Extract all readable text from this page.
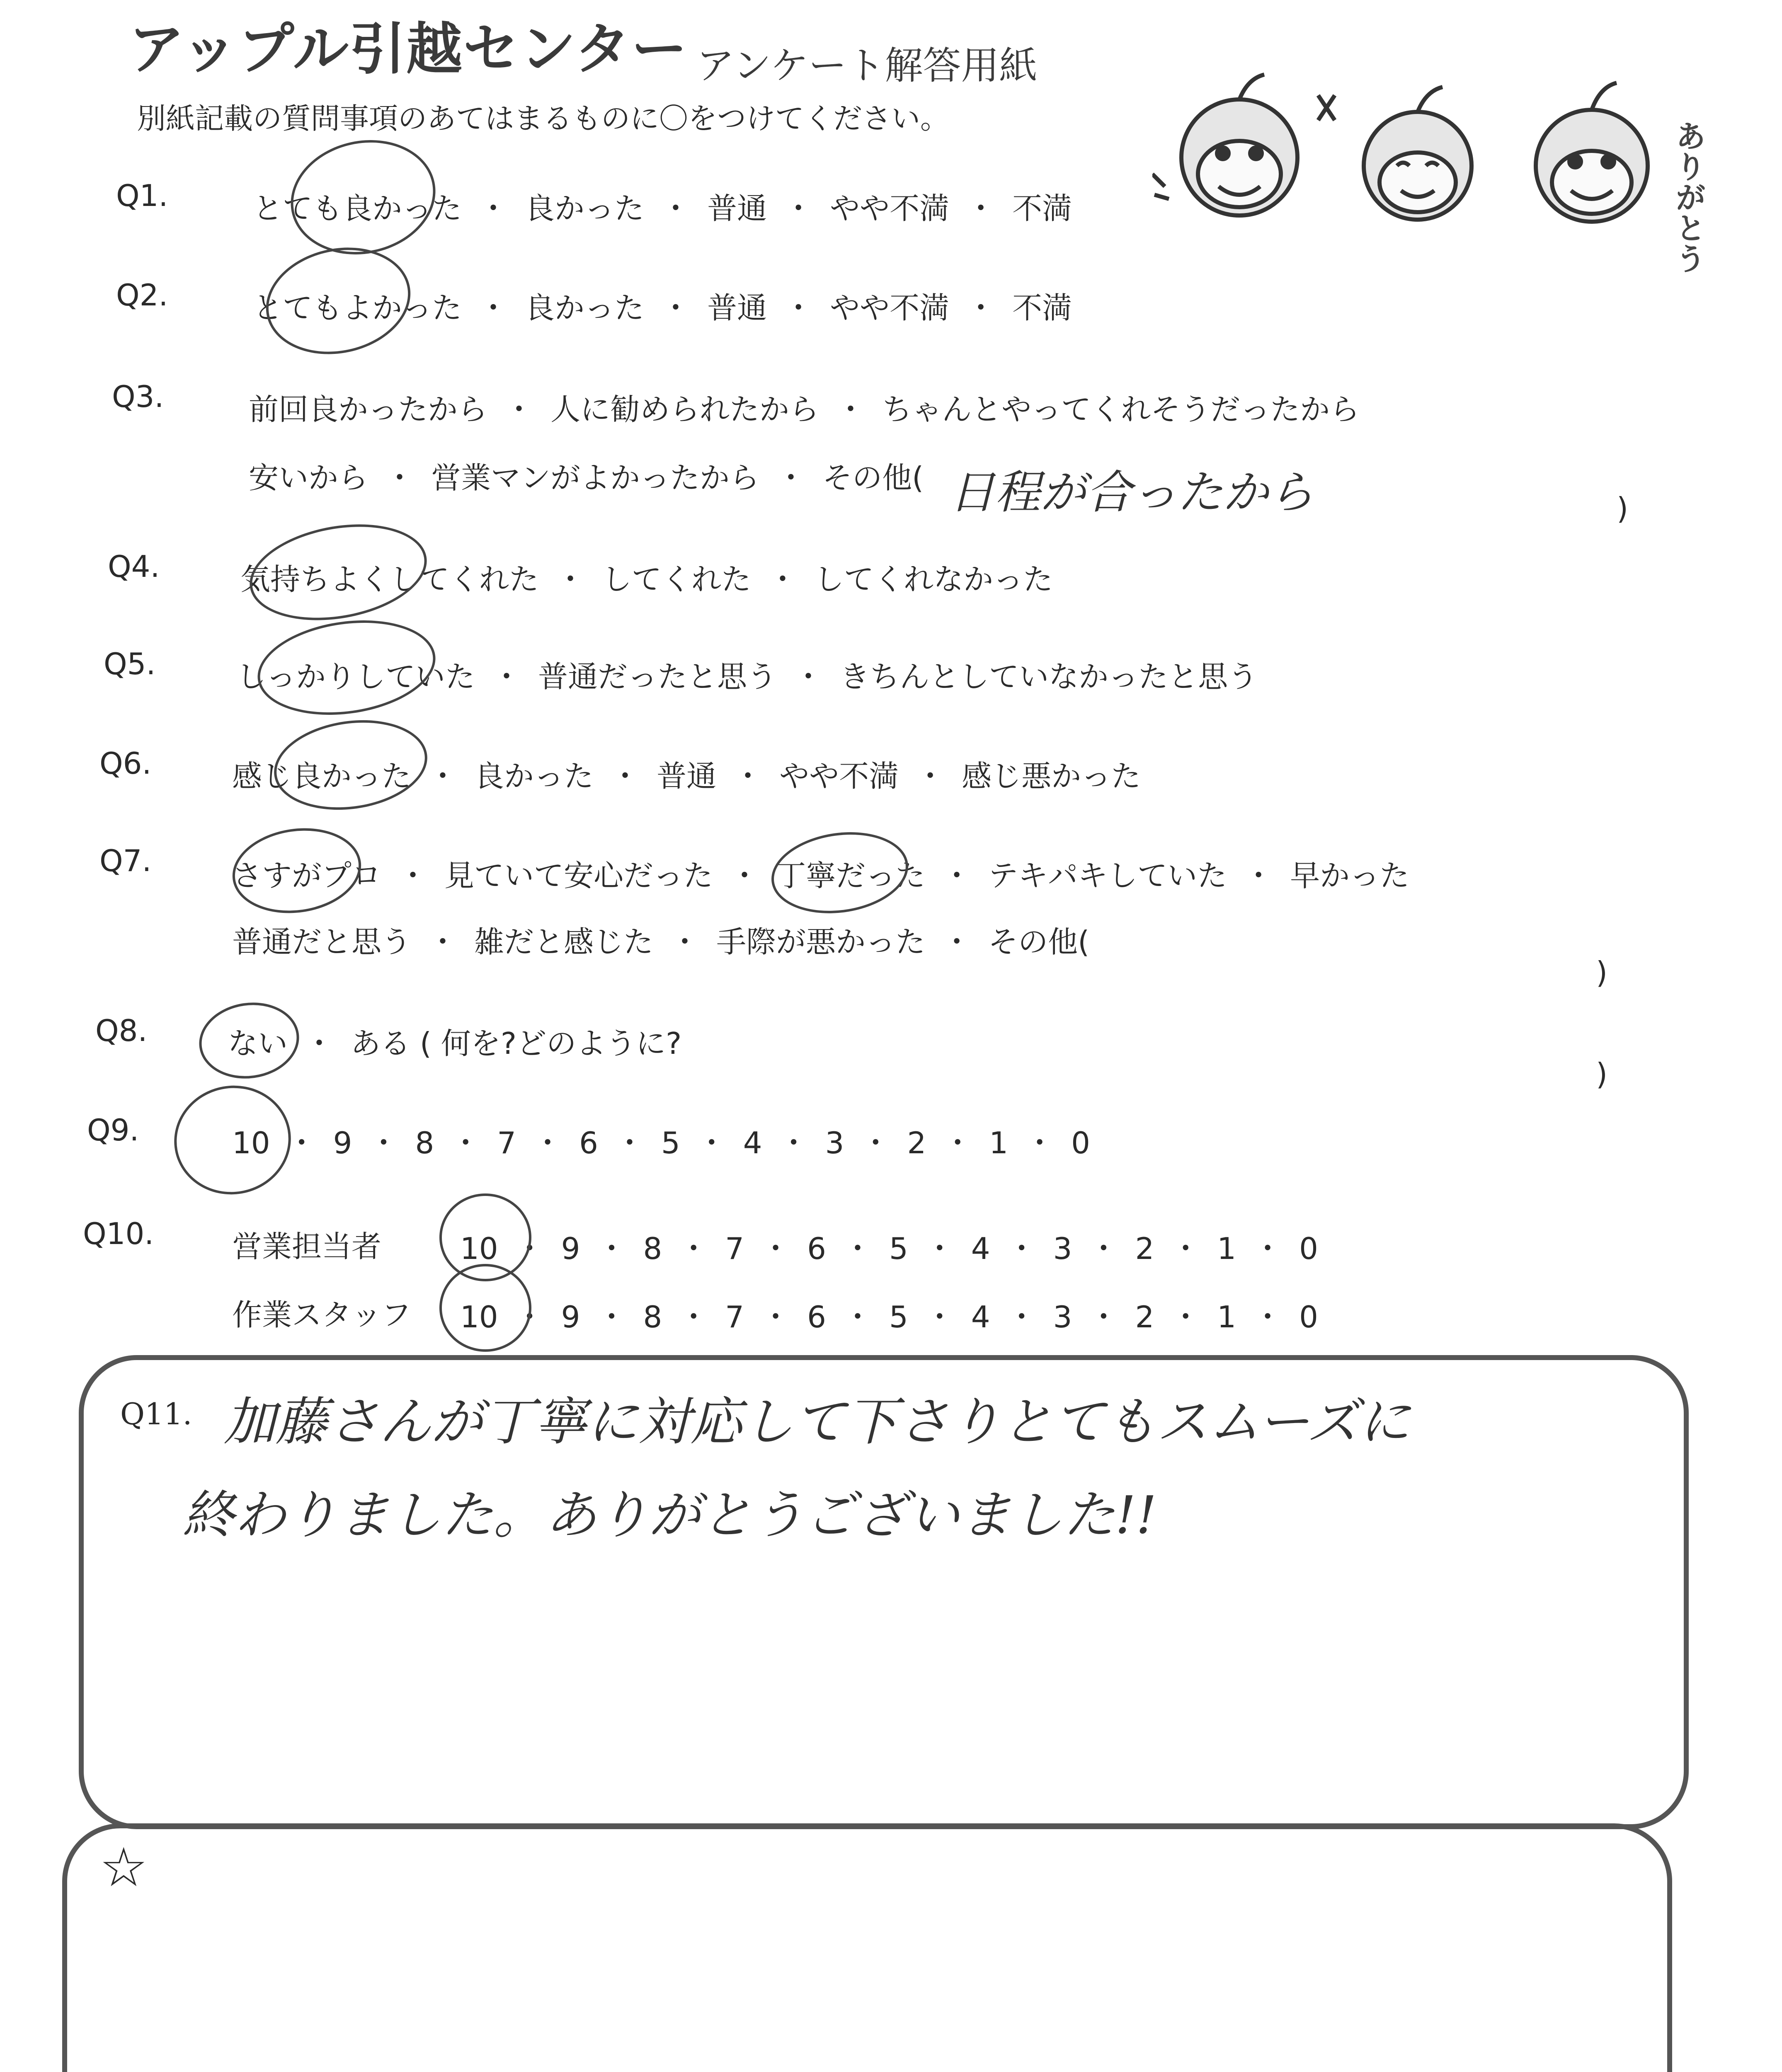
アップル引越センター アンケート解答用紙
別紙記載の質問事項のあてはまるものに〇をつけてください。
ありがとう
Q1.	とても良かった ・ 良かった ・ 普通 ・ やや不満 ・ 不満
Q2.	とてもよかった ・ 良かった ・ 普通 ・ やや不満 ・ 不満
Q3.	前回良かったから ・ 人に勧められたから ・ ちゃんとやってくれそうだったから
安いから ・ 営業マンがよかったから ・ その他( 日程が合ったから	)
Q4.	気持ちよくしてくれた ・ してくれた ・ してくれなかった
Q5.	しっかりしていた ・ 普通だったと思う ・ きちんとしていなかったと思う
Q6.	感じ良かった ・ 良かった ・ 普通 ・ やや不満 ・ 感じ悪かった
Q7.	さすがプロ ・ 見ていて安心だった ・ 丁寧だった ・ テキパキしていた ・ 早かった
普通だと思う ・ 雑だと感じた ・ 手際が悪かった ・ その他(
)
Q8.	ない ・ ある ( 何を?どのように?
)
Q9.	10 ・ 9 ・ 8 ・ 7 ・ 6 ・ 5 ・ 4 ・ 3 ・ 2 ・ 1 ・ 0
Q10.	営業担当者	10 ・ 9 ・ 8 ・ 7 ・ 6 ・ 5 ・ 4 ・ 3 ・ 2 ・ 1 ・ 0
作業スタッフ 10 ・ 9 ・ 8 ・ 7 ・ 6 ・ 5 ・ 4 ・ 3 ・ 2 ・ 1 ・ 0
Q11. 加藤さんが丁寧に対応して下さりとてもスムーズに
終わりました。ありがとうございました!!
☆
